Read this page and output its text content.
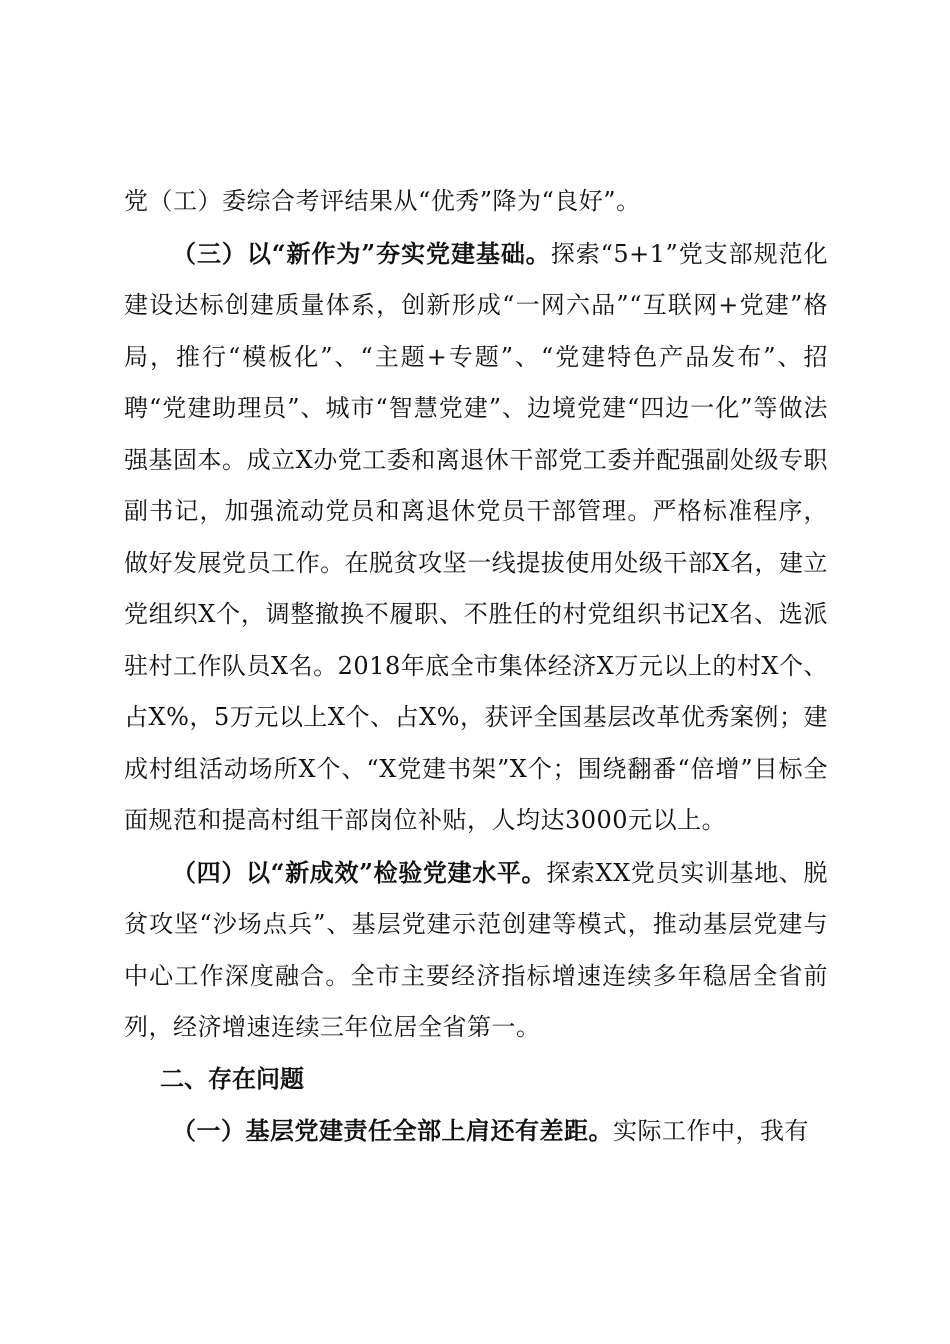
党（工）委综合考评结果从“优秀”降为“良好”。

（三）以“新作为”夯实党建基础。探索“5+1”党支部规范化建设达标创建质量体系，创新形成“一网六品”“互联网+党建”格局，推行“模板化”、“主题+专题”、“党建特色产品发布”、招聘“党建助理员”、城市“智慧党建”、边境党建“四边一化”等做法强基固本。成立X办党工委和离退休干部党工委并配强副处级专职副书记，加强流动党员和离退休党员干部管理。严格标准程序，做好发展党员工作。在脱贫攻坚一线提拔使用处级干部X名，建立党组织X个，调整撤换不履职、不胜任的村党组织书记X名、选派驻村工作队员X名。2018年底全市集体经济X万元以上的村X个、占X%，5万元以上X个、占X%，获评全国基层改革优秀案例；建成村组活动场所X个、“X党建书架”X个；围绕翻番“倍增”目标全面规范和提高村组干部岗位补贴，人均达3000元以上。

（四）以“新成效”检验党建水平。探索XX党员实训基地、脱贫攻坚“沙场点兵”、基层党建示范创建等模式，推动基层党建与中心工作深度融合。全市主要经济指标增速连续多年稳居全省前列，经济增速连续三年位居全省第一。

二、存在问题

（一）基层党建责任全部上肩还有差距。实际工作中，我有
